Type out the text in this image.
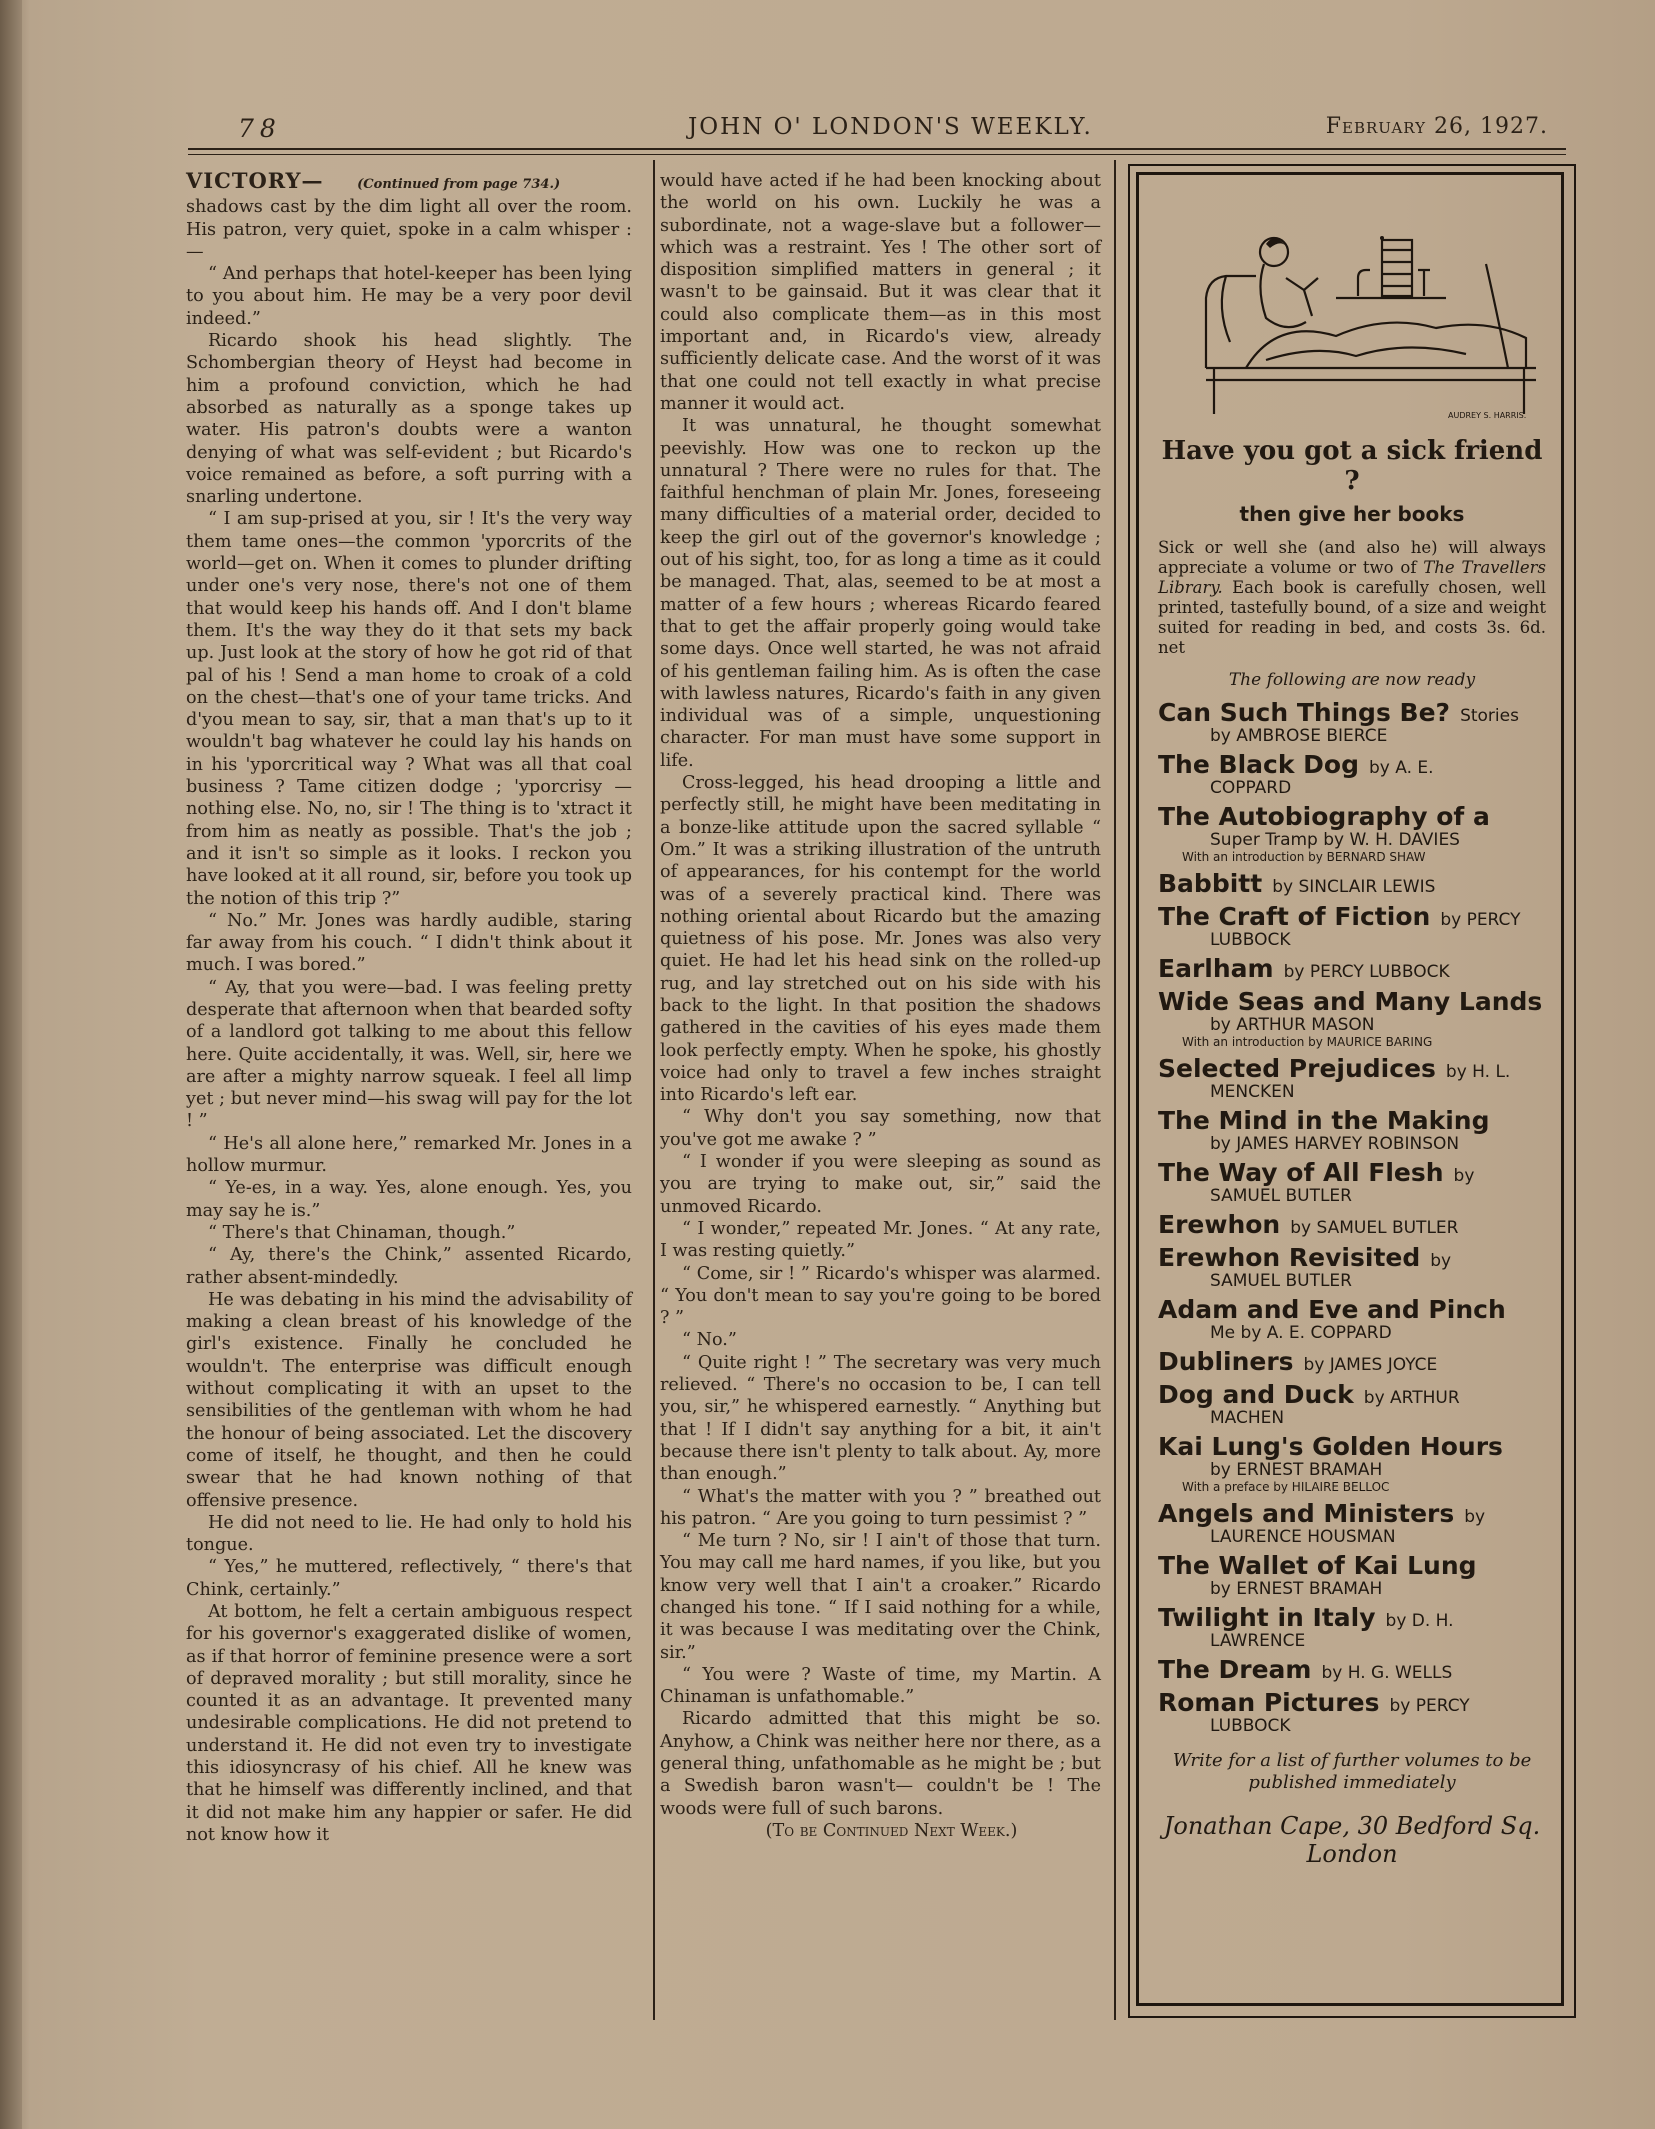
78	JOHN O' LONDON'S WEEKLY.	February 26, 1927.

VICTORY—	(Continued from page 734.)

shadows cast by the dim light all over the room. His patron, very quiet, spoke in a calm whisper :—

“ And perhaps that hotel-keeper has been lying to you about him. He may be a very poor devil indeed.”

Ricardo shook his head slightly. The Schombergian theory of Heyst had become in him a profound conviction, which he had absorbed as naturally as a sponge takes up water. His patron's doubts were a wanton denying of what was self-evident ; but Ricardo's voice remained as before, a soft purring with a snarling undertone.

“ I am sup-prised at you, sir ! It's the very way them tame ones—the common 'yporcrits of the world—get on. When it comes to plunder drifting under one's very nose, there's not one of them that would keep his hands off. And I don't blame them. It's the way they do it that sets my back up. Just look at the story of how he got rid of that pal of his ! Send a man home to croak of a cold on the chest—that's one of your tame tricks. And d'you mean to say, sir, that a man that's up to it wouldn't bag whatever he could lay his hands on in his 'yporcritical way ? What was all that coal business ? Tame citizen dodge ; 'yporcrisy —nothing else. No, no, sir ! The thing is to 'xtract it from him as neatly as possible. That's the job ; and it isn't so simple as it looks. I reckon you have looked at it all round, sir, before you took up the notion of this trip ?”

“ No.” Mr. Jones was hardly audible, staring far away from his couch. “ I didn't think about it much. I was bored.”

“ Ay, that you were—bad. I was feeling pretty desperate that afternoon when that bearded softy of a landlord got talking to me about this fellow here. Quite accidentally, it was. Well, sir, here we are after a mighty narrow squeak. I feel all limp yet ; but never mind—his swag will pay for the lot ! ”

“ He's all alone here,” remarked Mr. Jones in a hollow murmur.

“ Ye-es, in a way. Yes, alone enough. Yes, you may say he is.”

“ There's that Chinaman, though.”

“ Ay, there's the Chink,” assented Ricardo, rather absent-mindedly.

He was debating in his mind the advisability of making a clean breast of his knowledge of the girl's existence. Finally he concluded he wouldn't. The enterprise was difficult enough without complicating it with an upset to the sensibilities of the gentleman with whom he had the honour of being associated. Let the discovery come of itself, he thought, and then he could swear that he had known nothing of that offensive presence.

He did not need to lie. He had only to hold his tongue.

“ Yes,” he muttered, reflectively, “ there's that Chink, certainly.”

At bottom, he felt a certain ambiguous respect for his governor's exaggerated dislike of women, as if that horror of feminine presence were a sort of depraved morality ; but still morality, since he counted it as an advantage. It prevented many undesirable complications. He did not pretend to understand it. He did not even try to investigate this idiosyncrasy of his chief. All he knew was that he himself was differently inclined, and that it did not make him any happier or safer. He did not know how it

would have acted if he had been knocking about the world on his own. Luckily he was a subordinate, not a wage-slave but a follower—which was a restraint. Yes ! The other sort of disposition simplified matters in general ; it wasn't to be gainsaid. But it was clear that it could also complicate them—as in this most important and, in Ricardo's view, already sufficiently delicate case. And the worst of it was that one could not tell exactly in what precise manner it would act.

It was unnatural, he thought somewhat peevishly. How was one to reckon up the unnatural ? There were no rules for that. The faithful henchman of plain Mr. Jones, foreseeing many difficulties of a material order, decided to keep the girl out of the governor's knowledge ; out of his sight, too, for as long a time as it could be managed. That, alas, seemed to be at most a matter of a few hours ; whereas Ricardo feared that to get the affair properly going would take some days. Once well started, he was not afraid of his gentleman failing him. As is often the case with lawless natures, Ricardo's faith in any given individual was of a simple, unquestioning character. For man must have some support in life.

Cross-legged, his head drooping a little and perfectly still, he might have been meditating in a bonze-like attitude upon the sacred syllable “ Om.” It was a striking illustration of the untruth of appearances, for his contempt for the world was of a severely practical kind. There was nothing oriental about Ricardo but the amazing quietness of his pose. Mr. Jones was also very quiet. He had let his head sink on the rolled-up rug, and lay stretched out on his side with his back to the light. In that position the shadows gathered in the cavities of his eyes made them look perfectly empty. When he spoke, his ghostly voice had only to travel a few inches straight into Ricardo's left ear.

“ Why don't you say something, now that you've got me awake ? ”

“ I wonder if you were sleeping as sound as you are trying to make out, sir,” said the unmoved Ricardo.

“ I wonder,” repeated Mr. Jones. “ At any rate, I was resting quietly.”

“ Come, sir ! ” Ricardo's whisper was alarmed. “ You don't mean to say you're going to be bored ? ”

“ No.”

“ Quite right ! ” The secretary was very much relieved. “ There's no occasion to be, I can tell you, sir,” he whispered earnestly. “ Anything but that ! If I didn't say anything for a bit, it ain't because there isn't plenty to talk about. Ay, more than enough.”

“ What's the matter with you ? ” breathed out his patron. “ Are you going to turn pessimist ? ”

“ Me turn ? No, sir ! I ain't of those that turn. You may call me hard names, if you like, but you know very well that I ain't a croaker.” Ricardo changed his tone. “ If I said nothing for a while, it was because I was meditating over the Chink, sir.”

“ You were ? Waste of time, my Martin. A Chinaman is unfathomable.”

Ricardo admitted that this might be so. Anyhow, a Chink was neither here nor there, as a general thing, unfathomable as he might be ; but a Swedish baron wasn't— couldn't be ! The woods were full of such barons.

(To be Continued Next Week.)

AUDREY S. HARRIS.

Have you got a sick friend ?

then give her books

Sick or well she (and also he) will always appreciate a volume or two of The Travellers Library. Each book is carefully chosen, well printed, tastefully bound, of a size and weight suited for reading in bed, and costs 3s. 6d. net

The following are now ready

Can Such Things Be? Stories
by AMBROSE BIERCE
The Black Dog by A. E.
COPPARD
The Autobiography of a
Super Tramp by W. H. DAVIES
With an introduction by BERNARD SHAW
Babbitt by SINCLAIR LEWIS
The Craft of Fiction by PERCY
LUBBOCK
Earlham by PERCY LUBBOCK
Wide Seas and Many Lands
by ARTHUR MASON
With an introduction by MAURICE BARING
Selected Prejudices by H. L.
MENCKEN
The Mind in the Making
by JAMES HARVEY ROBINSON
The Way of All Flesh by
SAMUEL BUTLER
Erewhon by SAMUEL BUTLER
Erewhon Revisited by
SAMUEL BUTLER
Adam and Eve and Pinch
Me by A. E. COPPARD
Dubliners by JAMES JOYCE
Dog and Duck by ARTHUR
MACHEN
Kai Lung's Golden Hours
by ERNEST BRAMAH
With a preface by HILAIRE BELLOC
Angels and Ministers by
LAURENCE HOUSMAN
The Wallet of Kai Lung
by ERNEST BRAMAH
Twilight in Italy by D. H.
LAWRENCE
The Dream by H. G. WELLS
Roman Pictures by PERCY
LUBBOCK

Write for a list of further volumes to be published immediately

Jonathan Cape, 30 Bedford Sq.
London
